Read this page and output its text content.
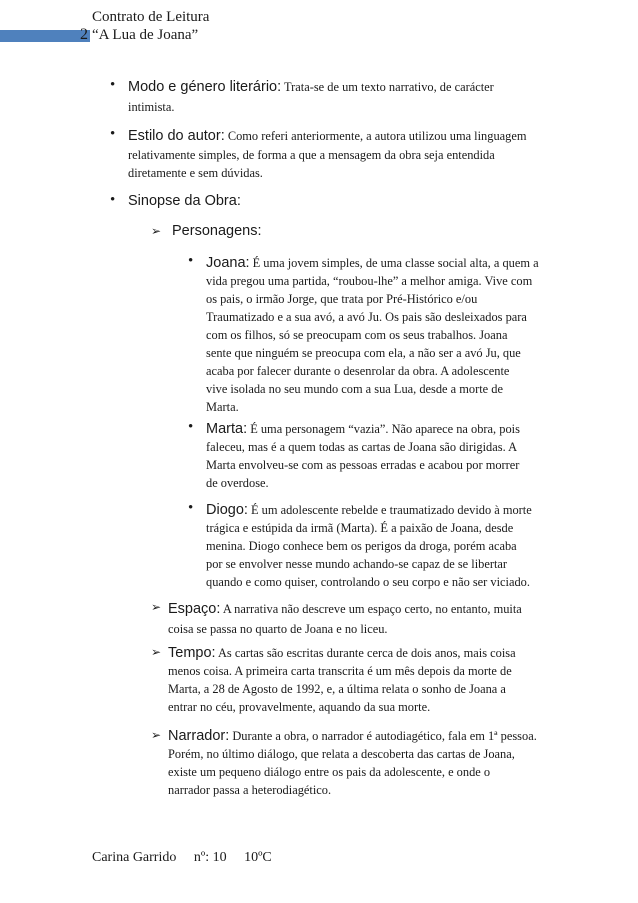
2
Contrato de Leitura
“A Lua de Joana”
• Modo e género literário: Trata-se de um texto narrativo, de carácter

intimista.

• Estilo do autor: Como referi anteriormente, a autora utilizou uma linguagem

relativamente simples, de forma a que a mensagem da obra seja entendida

diretamente e sem dúvidas.

• Sinopse da Obra:

➢ Personagens:

• Joana: É uma jovem simples, de uma classe social alta, a quem a

vida pregou uma partida, “roubou-lhe” a melhor amiga. Vive com

os pais, o irmão Jorge, que trata por Pré-Histórico e/ou

Traumatizado e a sua avó, a avó Ju. Os pais são desleixados para

com os filhos, só se preocupam com os seus trabalhos. Joana

sente que ninguém se preocupa com ela, a não ser a avó Ju, que

acaba por falecer durante o desenrolar da obra. A adolescente

vive isolada no seu mundo com a sua Lua, desde a morte de

Marta.

• Marta: É uma personagem “vazia”. Não aparece na obra, pois

faleceu, mas é a quem todas as cartas de Joana são dirigidas. A

Marta envolveu-se com as pessoas erradas e acabou por morrer

de overdose.

• Diogo: É um adolescente rebelde e traumatizado devido à morte

trágica e estúpida da irmã (Marta). É a paixão de Joana, desde

menina. Diogo conhece bem os perigos da droga, porém acaba

por se envolver nesse mundo achando-se capaz de se libertar

quando e como quiser, controlando o seu corpo e não ser viciado.

➢ Espaço: A narrativa não descreve um espaço certo, no entanto, muita

coisa se passa no quarto de Joana e no liceu.

➢ Tempo: As cartas são escritas durante cerca de dois anos, mais coisa

menos coisa. A primeira carta transcrita é um mês depois da morte de

Marta, a 28 de Agosto de 1992, e, a última relata o sonho de Joana a

entrar no céu, provavelmente, aquando da sua morte.

➢ Narrador: Durante a obra, o narrador é autodiagético, fala em 1ª pessoa.

Porém, no último diálogo, que relata a descoberta das cartas de Joana,

existe um pequeno diálogo entre os pais da adolescente, e onde o

narrador passa a heterodiagético.

Carina Garrido     nº: 10     10ºC
